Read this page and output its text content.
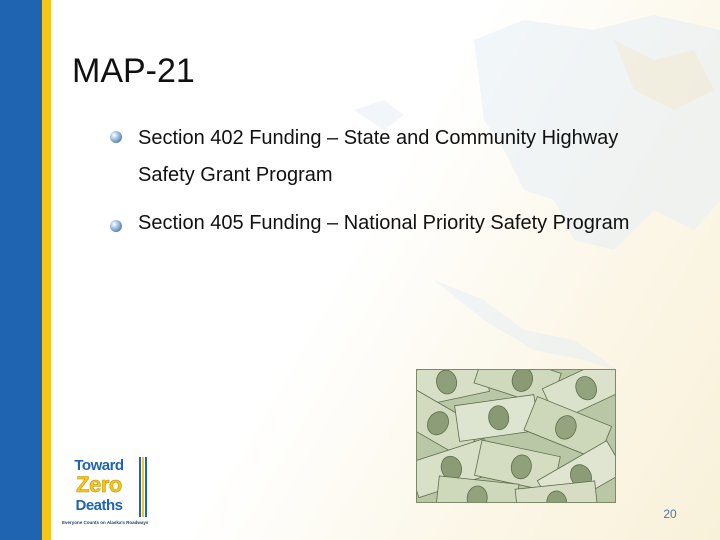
MAP-21
Section 402 Funding – State and Community Highway Safety Grant Program
Section 405 Funding – National Priority Safety Program
Toward
Zero
Deaths
Everyone Counts on Alaska's Roadways
20
